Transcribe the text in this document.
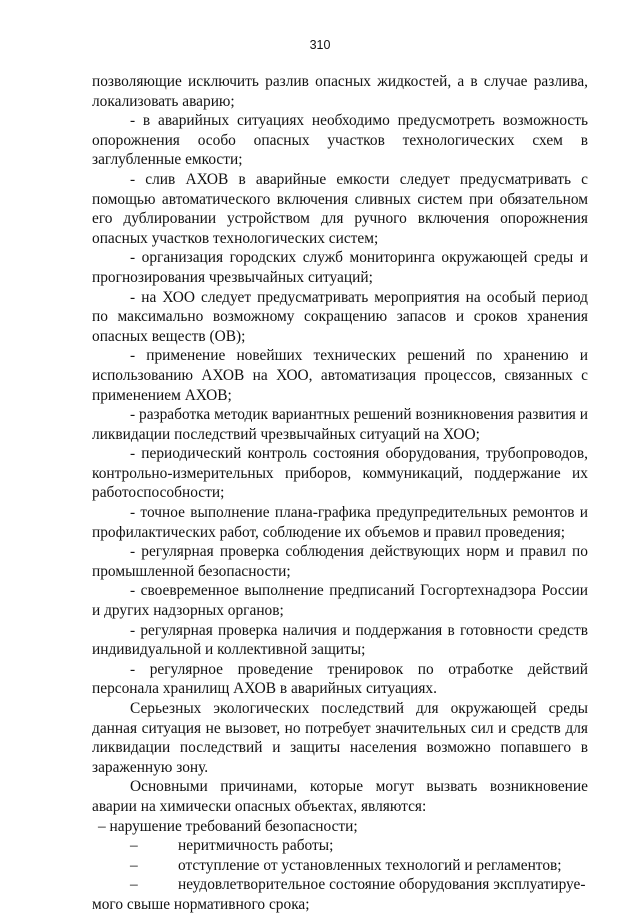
310

позволяющие исключить разлив опасных жидкостей, а в случае разлива, локализовать аварию;

- в аварийных ситуациях необходимо предусмотреть возможность опорожнения особо опасных участков технологических схем в заглубленные емкости;

- слив АХОВ в аварийные емкости следует предусматривать с помощью автоматического включения сливных систем при обязательном его дублировании устройством для ручного включения опорожнения опасных участков технологических систем;

- организация городских служб мониторинга окружающей среды и прогнозирования чрезвычайных ситуаций;

- на ХОО следует предусматривать мероприятия на особый период по максимально возможному сокращению запасов и сроков хранения опасных веществ (ОВ);

- применение новейших технических решений по хранению и использованию АХОВ на ХОО, автоматизация процессов, связанных с применением АХОВ;

- разработка методик вариантных решений возникновения развития и ликвидации последствий чрезвычайных ситуаций на ХОО;

- периодический контроль состояния оборудования, трубопроводов, контрольно-измерительных приборов, коммуникаций, поддержание их работоспособности;

- точное выполнение плана-графика предупредительных ремонтов и профилактических работ, соблюдение их объемов и правил проведения;

- регулярная проверка соблюдения действующих норм и правил по промышленной безопасности;

- своевременное выполнение предписаний Госгортехнадзора России и других надзорных органов;

- регулярная проверка наличия и поддержания в готовности средств индивидуальной и коллективной защиты;

- регулярное проведение тренировок по отработке действий персонала хранилищ АХОВ в аварийных ситуациях.

Серьезных экологических последствий для окружающей среды данная ситуация не вызовет, но потребует значительных сил и средств для ликвидации последствий и защиты населения возможно попавшего в зараженную зону.

Основными причинами, которые могут вызвать возникновение аварии на химически опасных объектах, являются:

– нарушение требований безопасности;

–	неритмичность работы;
–	отступление от установленных технологий и регламентов;
–	неудовлетворительное состояние оборудования эксплуатируе-

мого свыше нормативного срока;
